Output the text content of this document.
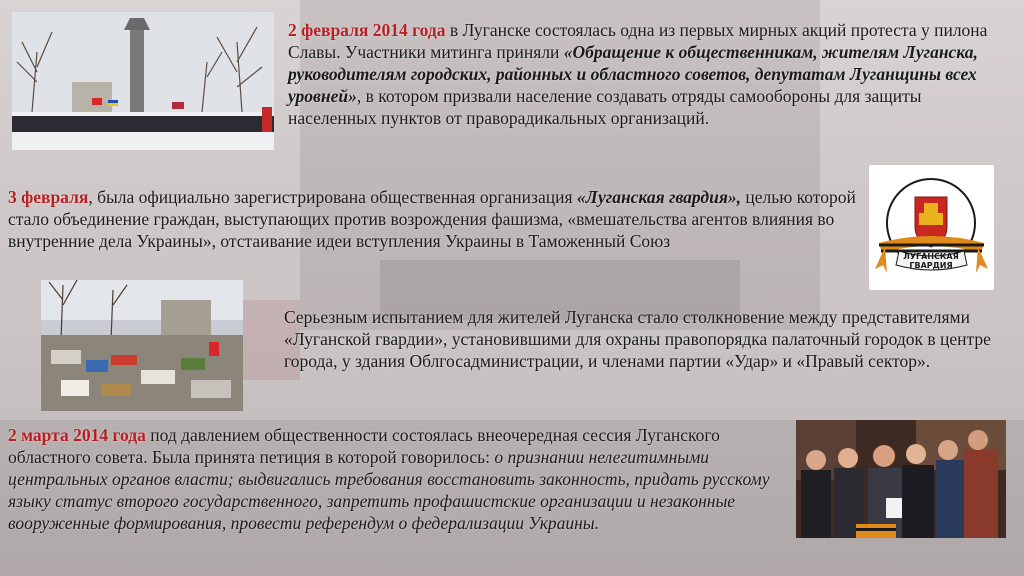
2 февраля 2014 года в Луганске состоялась одна из первых мирных акций протеста у пилона Славы. Участники митинга приняли «Обращение к общественникам, жителям Луганска, руководителям городских, районных и областного советов, депутатам Луганщины всех уровней», в котором призвали население создавать отряды самообороны для защиты населенных пунктов от праворадикальных организаций.
ЛУГАНСКАЯ
ГВАРДИЯ
3 февраля, была официально зарегистрирована общественная организация «Луганская гвардия», целью которой стало объединение граждан, выступающих против возрождения фашизма, «вмешательства агентов влияния во внутренние дела Украины», отстаивание идеи вступления Украины в Таможенный Союз
Серьезным испытанием для жителей Луганска стало столкновение между представителями «Луганской гвардии», установившими для охраны правопорядка палаточный городок в центре города, у здания Облгосадминистрации, и членами партии «Удар» и «Правый сектор».
2 марта 2014 года под давлением общественности состоялась внеочередная сессия Луганского областного совета. Была принята петиция в которой говорилось: о признании нелегитимными центральных органов власти; выдвигались требования восстановить законность, придать русскому языку статус второго государственного, запретить профашистские организации и незаконные вооруженные формирования, провести референдум о федерализации Украины.
